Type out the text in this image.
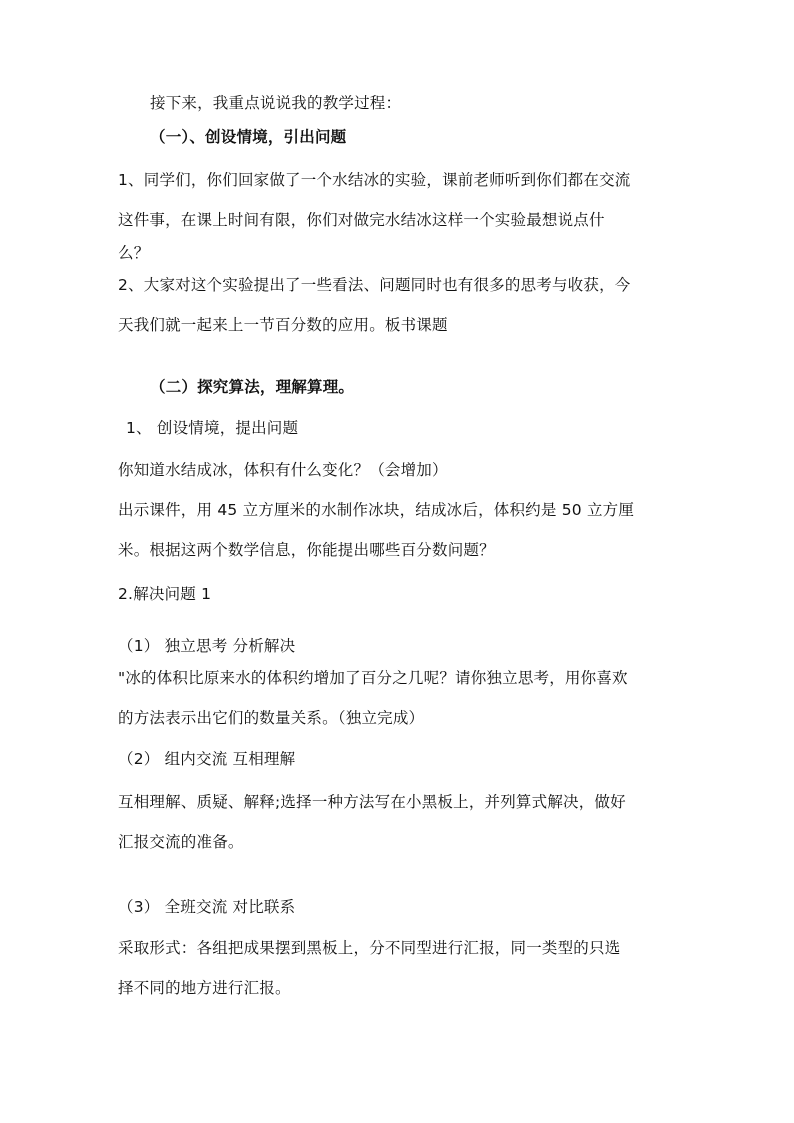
接下来，我重点说说我的教学过程：
（一）、创设情境，引出问题
1、同学们，你们回家做了一个水结冰的实验，课前老师听到你们都在交流
这件事，在课上时间有限，你们对做完水结冰这样一个实验最想说点什
么？
2、大家对这个实验提出了一些看法、问题同时也有很多的思考与收获，今
天我们就一起来上一节百分数的应用。板书课题
（二）探究算法，理解算理。
1、 创设情境，提出问题
你知道水结成冰，体积有什么变化？（会增加）
出示课件，用 45 立方厘米的水制作冰块，结成冰后，体积约是 50 立方厘
米。根据这两个数学信息，你能提出哪些百分数问题？
2.解决问题 1
（1） 独立思考 分析解决
"冰的体积比原来水的体积约增加了百分之几呢？请你独立思考，用你喜欢
的方法表示出它们的数量关系。（独立完成）
（2） 组内交流 互相理解
互相理解、质疑、解释;选择一种方法写在小黑板上，并列算式解决，做好
汇报交流的准备。
（3） 全班交流 对比联系
采取形式：各组把成果摆到黑板上，分不同型进行汇报，同一类型的只选
择不同的地方进行汇报。
